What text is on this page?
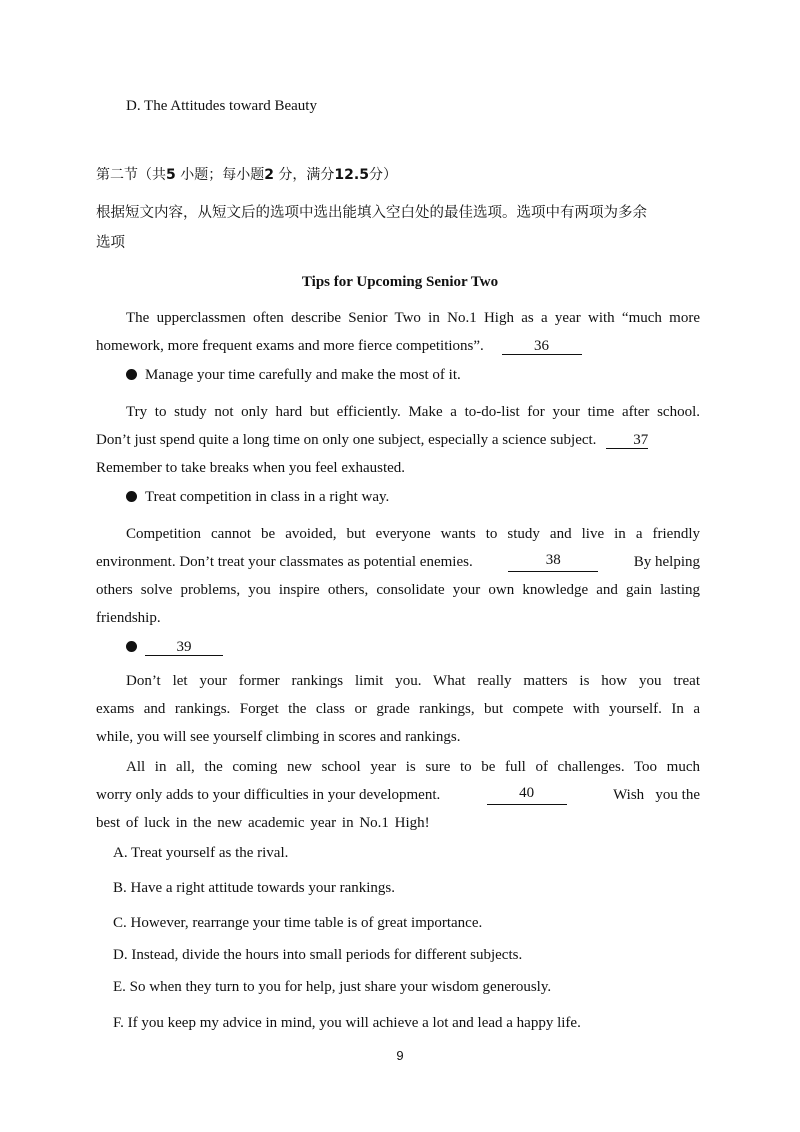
D. The Attitudes toward Beauty
第二节（共5 小题；每小题2 分，满分12.5分）
根据短文内容，从短文后的选项中选出能填入空白处的最佳选项。选项中有两项为多余
选项
Tips for Upcoming Senior Two
The upperclassmen often describe Senior Two in No.1 High as a year with “much more
homework, more frequent exams and more fierce competitions”.	36
Manage your time carefully and make the most of it.
Try to study not only hard but efficiently. Make a to-do-list for your time after school.
Don’t just spend quite a long time on only one subject, especially a science subject. 37
Remember to take breaks when you feel exhausted.
Treat competition in class in a right way.
Competition cannot be avoided, but everyone wants to study and live in a friendly
environment. Don’t treat your classmates as potential enemies.	38	By helping
others solve problems, you inspire others, consolidate your own knowledge and gain lasting
friendship.
39
Don’t let your former rankings limit you. What really matters is how you treat
exams and rankings. Forget the class or grade rankings, but compete with yourself. In a
while, you will see yourself climbing in scores and rankings.
All in all, the coming new school year is sure to be full of challenges. Too much
worry only adds to your difficulties in your development.	40	Wish   you the
best of luck in the new academic year in No.1 High!
A. Treat yourself as the rival.
B. Have a right attitude towards your rankings.
C. However, rearrange your time table is of great importance.
D. Instead, divide the hours into small periods for different subjects.
E. So when they turn to you for help, just share your wisdom generously.
F. If you keep my advice in mind, you will achieve a lot and lead a happy life.
9
